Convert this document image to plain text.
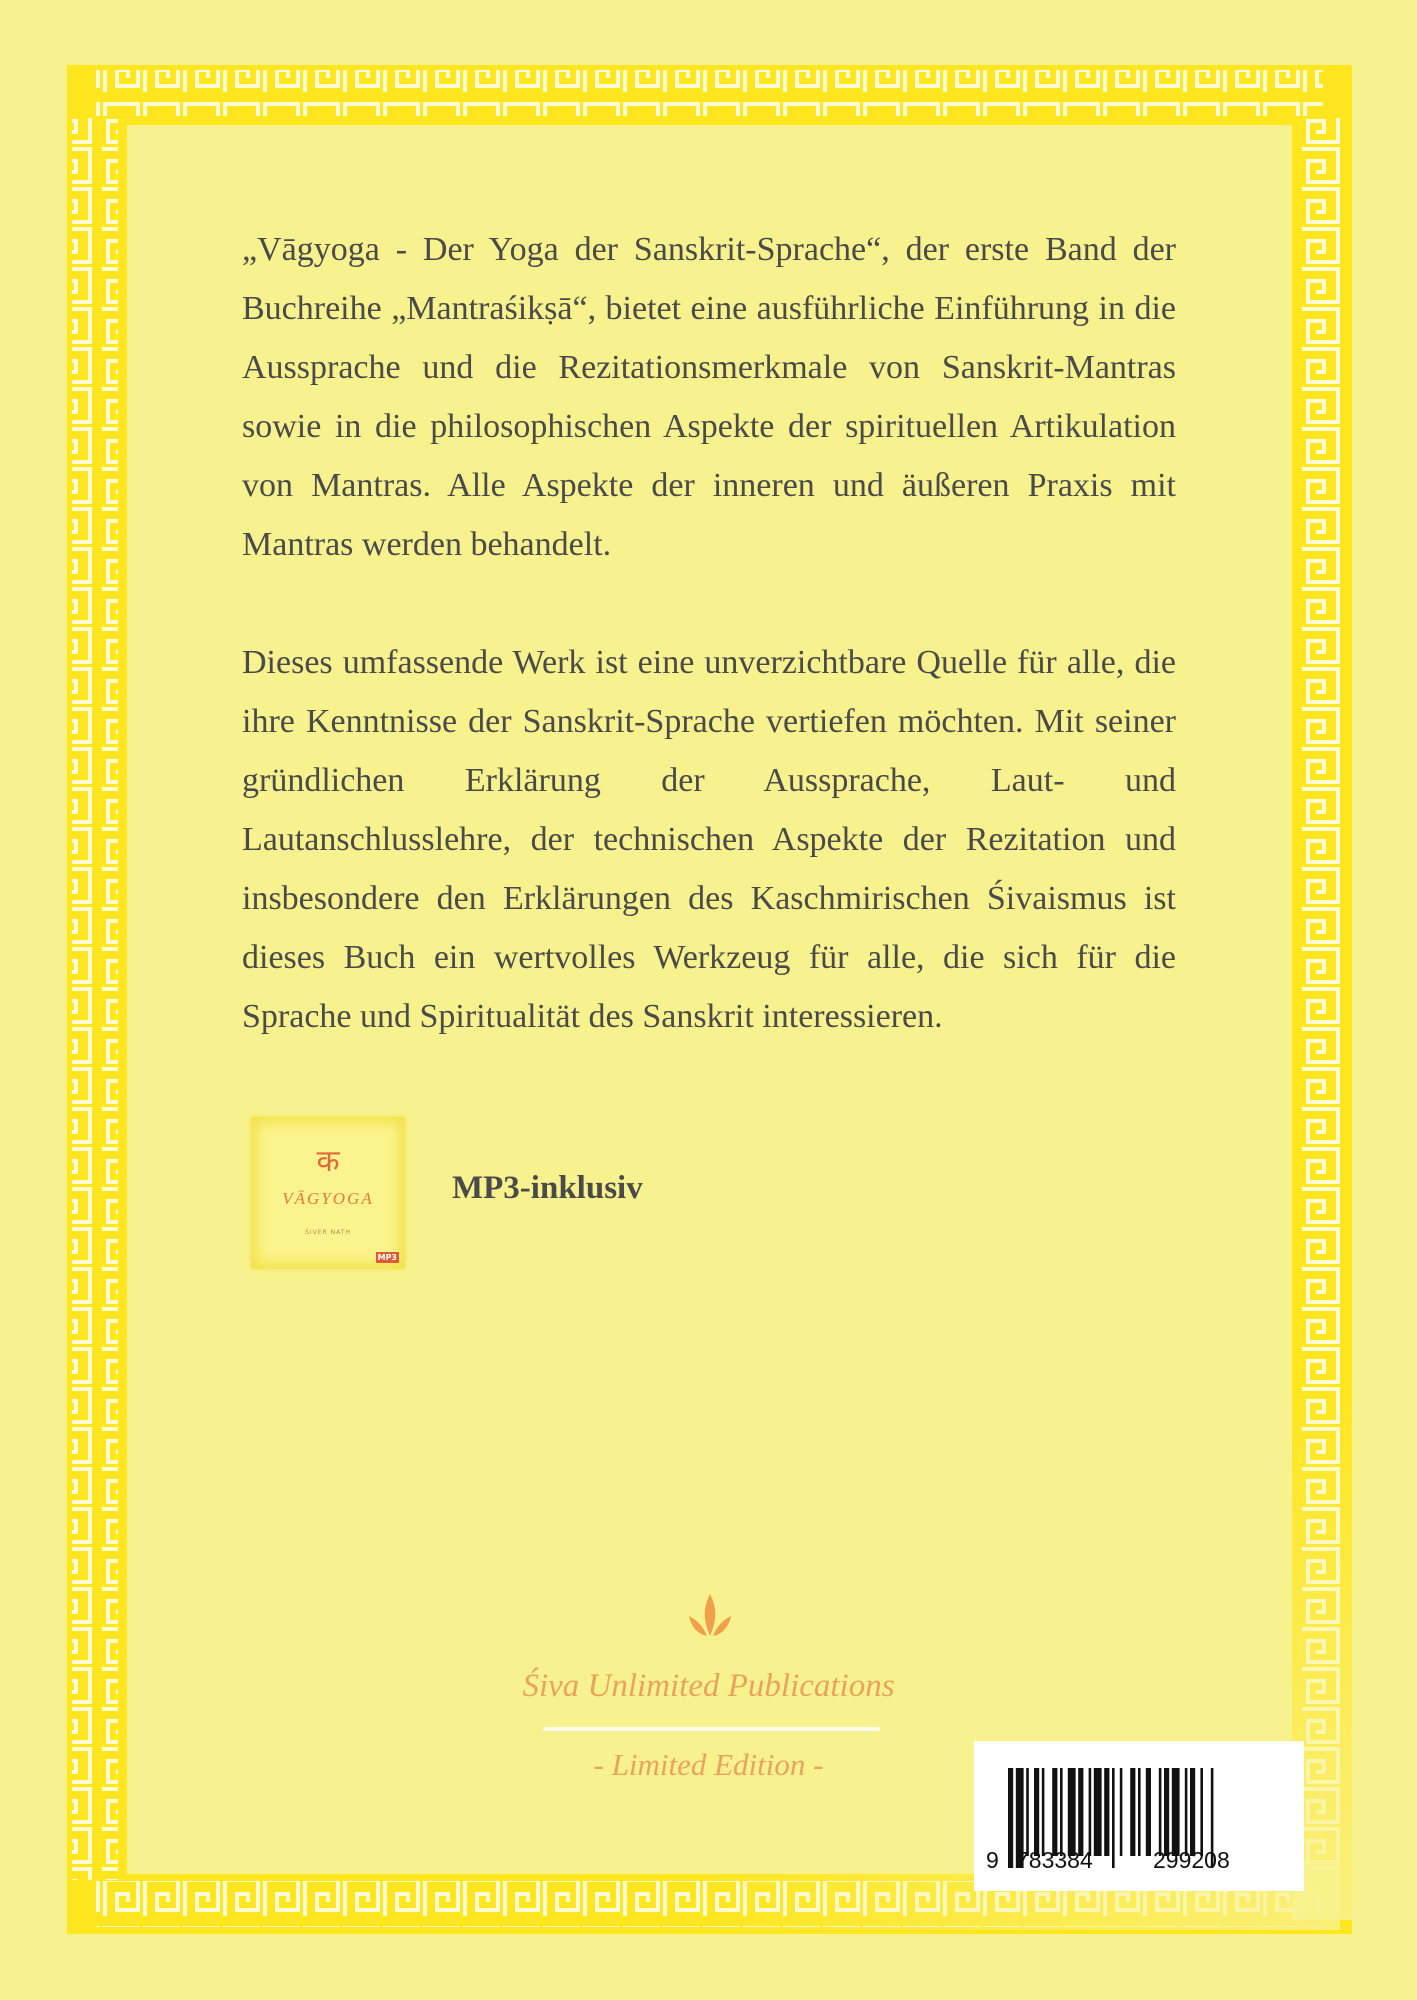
„Vāgyoga - Der Yoga der Sanskrit-Sprache“, der erste Band der Buchreihe „Mantraśikṣā“, bietet eine ausführliche Einführung in die Aussprache und die Rezitationsmerkmale von Sanskrit-Mantras sowie in die philosophischen Aspekte der spirituellen Artikulation von Mantras. Alle Aspekte der inneren und äußeren Praxis mit Mantras werden behandelt.

Dieses umfassende Werk ist eine unverzichtbare Quelle für alle, die ihre Kenntnisse der Sanskrit-Sprache vertiefen möchten. Mit seiner gründlichen Erklärung der Aussprache, Laut- und Lautanschlusslehre, der technischen Aspekte der Rezitation und insbesondere den Erklärungen des Kaschmirischen Śivaismus ist dieses Buch ein wertvolles Werkzeug für alle, die sich für die Sprache und Spiritualität des Sanskrit interessieren.

क
VĀGYOGA
ŚIVER NATH
MP3
MP3-inklusiv
Śiva Unlimited Publications
- Limited Edition -
9 783384	299208
